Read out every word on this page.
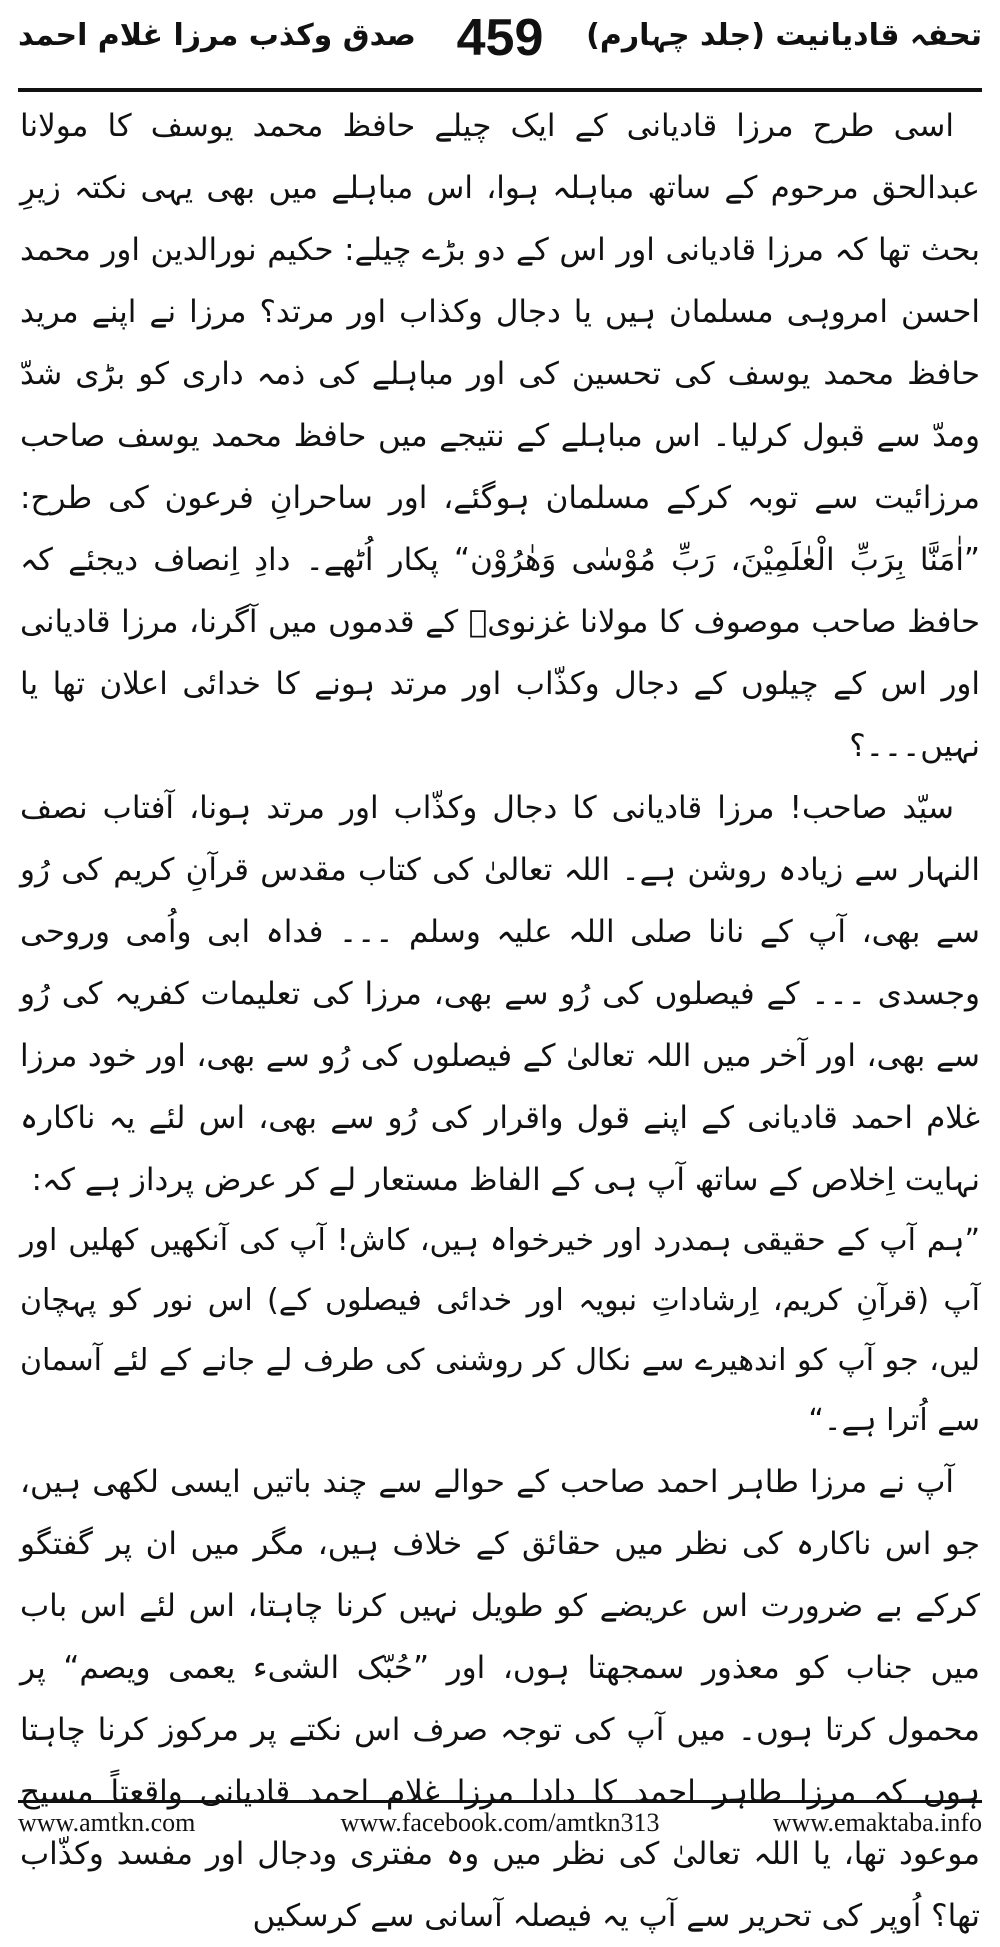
تحفہ قادیانیت (جلد چہارم)
459
صدق وکذب مرزا غلام احمد

اسی طرح مرزا قادیانی کے ایک چیلے حافظ محمد یوسف کا مولانا عبدالحق مرحوم کے ساتھ مباہلہ ہوا، اس مباہلے میں بھی یہی نکتہ زیرِ بحث تھا کہ مرزا قادیانی اور اس کے دو بڑے چیلے: حکیم نورالدین اور محمد احسن امروہی مسلمان ہیں یا دجال وکذاب اور مرتد؟ مرزا نے اپنے مرید حافظ محمد یوسف کی تحسین کی اور مباہلے کی ذمہ داری کو بڑی شدّ ومدّ سے قبول کرلیا۔ اس مباہلے کے نتیجے میں حافظ محمد یوسف صاحب مرزائیت سے توبہ کرکے مسلمان ہوگئے، اور ساحرانِ فرعون کی طرح: ”اٰمَنَّا بِرَبِّ الْعٰلَمِیْنَ، رَبِّ مُوْسٰی وَھٰرُوْن“ پکار اُٹھے۔ دادِ اِنصاف دیجئے کہ حافظ صاحب موصوف کا مولانا غزنویؒ کے قدموں میں آگرنا، مرزا قادیانی اور اس کے چیلوں کے دجال وکذّاب اور مرتد ہونے کا خدائی اعلان تھا یا نہیں۔۔۔؟

سیّد صاحب! مرزا قادیانی کا دجال وکذّاب اور مرتد ہونا، آفتاب نصف النہار سے زیادہ روشن ہے۔ اللہ تعالیٰ کی کتاب مقدس قرآنِ کریم کی رُو سے بھی، آپ کے نانا صلی اللہ علیہ وسلم ۔۔۔ فداہ ابی واُمی وروحی وجسدی ۔۔۔ کے فیصلوں کی رُو سے بھی، مرزا کی تعلیمات کفریہ کی رُو سے بھی، اور آخر میں اللہ تعالیٰ کے فیصلوں کی رُو سے بھی، اور خود مرزا غلام احمد قادیانی کے اپنے قول واقرار کی رُو سے بھی، اس لئے یہ ناکارہ نہایت اِخلاص کے ساتھ آپ ہی کے الفاظ مستعار لے کر عرض پرداز ہے کہ:

”ہم آپ کے حقیقی ہمدرد اور خیرخواہ ہیں، کاش! آپ کی آنکھیں کھلیں اور آپ (قرآنِ کریم، اِرشاداتِ نبویہ اور خدائی فیصلوں کے) اس نور کو پہچان لیں، جو آپ کو اندھیرے سے نکال کر روشنی کی طرف لے جانے کے لئے آسمان سے اُترا ہے۔“

آپ نے مرزا طاہر احمد صاحب کے حوالے سے چند باتیں ایسی لکھی ہیں، جو اس ناکارہ کی نظر میں حقائق کے خلاف ہیں، مگر میں ان پر گفتگو کرکے بے ضرورت اس عریضے کو طویل نہیں کرنا چاہتا، اس لئے اس باب میں جناب کو معذور سمجھتا ہوں، اور ”حُبّک الشیء یعمی ویصم“ پر محمول کرتا ہوں۔ میں آپ کی توجہ صرف اس نکتے پر مرکوز کرنا چاہتا ہوں کہ مرزا طاہر احمد کا دادا مرزا غلام احمد قادیانی واقعتاً مسیح موعود تھا، یا اللہ تعالیٰ کی نظر میں وہ مفتری ودجال اور مفسد وکذّاب تھا؟ اُوپر کی تحریر سے آپ یہ فیصلہ آسانی سے کرسکیں

www.amtkn.com	www.facebook.com/amtkn313	www.emaktaba.info
